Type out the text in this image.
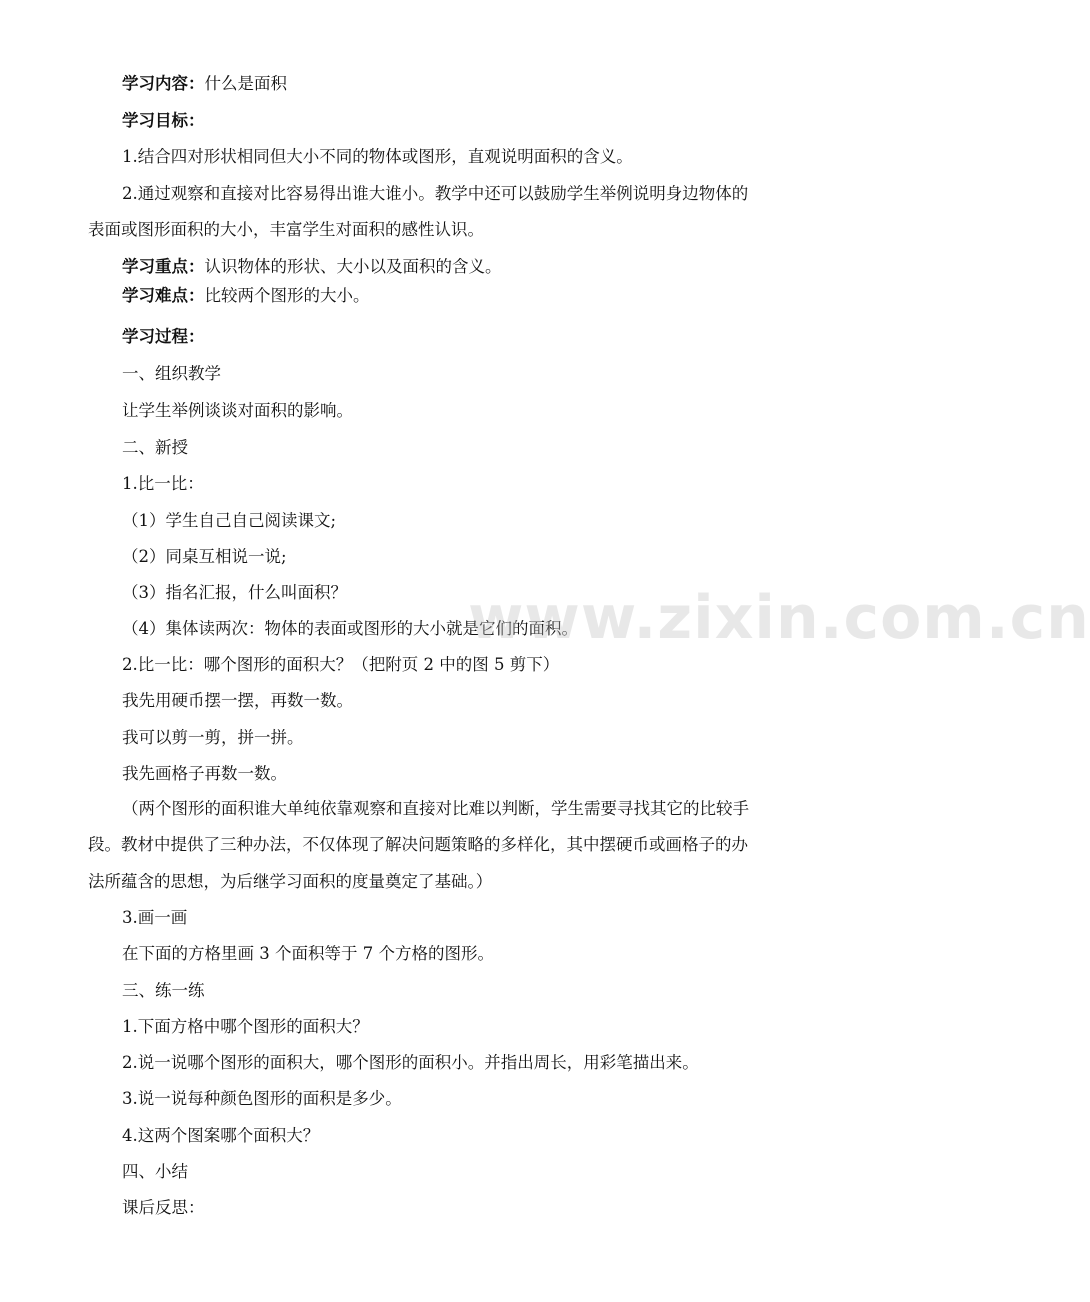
学习内容：什么是面积
学习目标：
1.结合四对形状相同但大小不同的物体或图形，直观说明面积的含义。
2.通过观察和直接对比容易得出谁大谁小。教学中还可以鼓励学生举例说明身边物体的
表面或图形面积的大小，丰富学生对面积的感性认识。
学习重点：认识物体的形状、大小以及面积的含义。
学习难点：比较两个图形的大小。
学习过程：
一、组织教学
让学生举例谈谈对面积的影响。
二、新授
1.比一比：
（1）学生自己自己阅读课文;
（2）同桌互相说一说;
（3）指名汇报，什么叫面积？
（4）集体读两次：物体的表面或图形的大小就是它们的面积。
2.比一比：哪个图形的面积大？（把附页 2 中的图 5 剪下）
我先用硬币摆一摆，再数一数。
我可以剪一剪，拼一拼。
我先画格子再数一数。
（两个图形的面积谁大单纯依靠观察和直接对比难以判断，学生需要寻找其它的比较手
段。教材中提供了三种办法，不仅体现了解决问题策略的多样化，其中摆硬币或画格子的办
法所蕴含的思想，为后继学习面积的度量奠定了基础。）
3.画一画
在下面的方格里画 3 个面积等于 7 个方格的图形。
三、练一练
1.下面方格中哪个图形的面积大？
2.说一说哪个图形的面积大，哪个图形的面积小。并指出周长，用彩笔描出来。
3.说一说每种颜色图形的面积是多少。
4.这两个图案哪个面积大？
四、小结
课后反思：
www.zixin.com.cn
